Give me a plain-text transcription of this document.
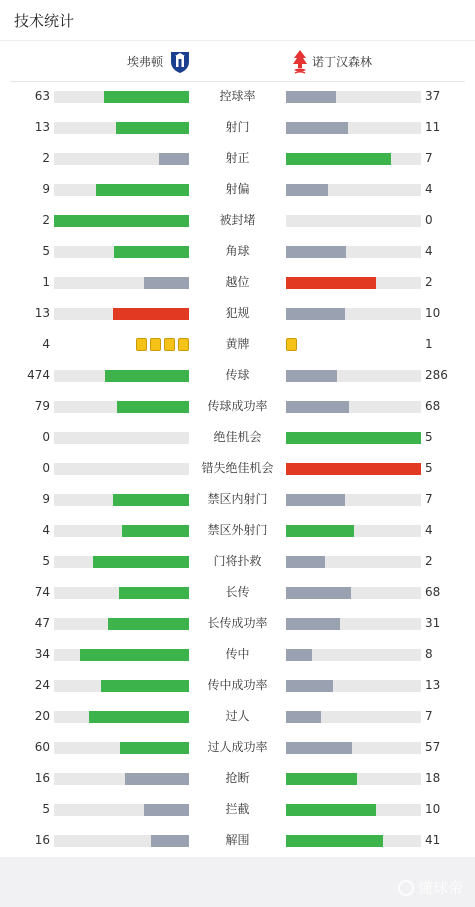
技术统计
埃弗顿	诺丁汉森林
63	控球率	37
13	射门	11
2	射正	7
9	射偏	4
2	被封堵	0
5	角球	4
1	越位	2
13	犯规	10
4	黄牌	1
474	传球	286
79	传球成功率	68
0	绝佳机会	5
0	错失绝佳机会	5
9	禁区内射门	7
4	禁区外射门	4
5	门将扑救	2
74	长传	68
47	长传成功率	31
34	传中	8
24	传中成功率	13
20	过人	7
60	过人成功率	57
16	抢断	18
5	拦截	10
16	解围	41
懂球帝
